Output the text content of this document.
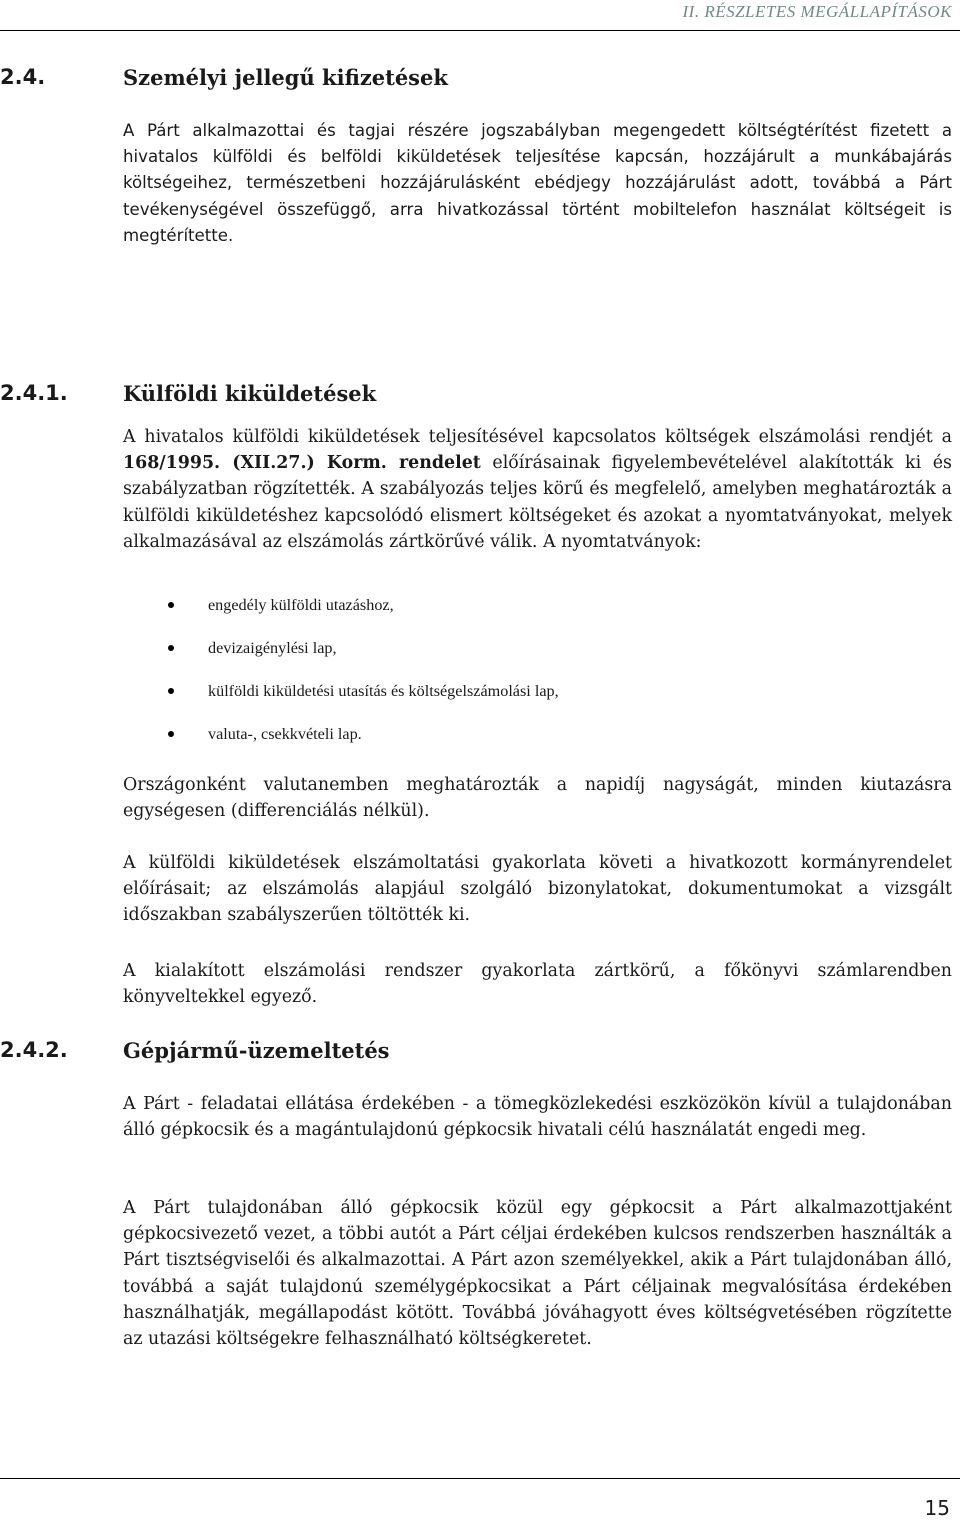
II. RÉSZLETES MEGÁLLAPÍTÁSOK
2.4.	Személyi jellegű kifizetések

A Párt alkalmazottai és tagjai részére jogszabályban megengedett költségtérítést fizetett a hivatalos külföldi és belföldi kiküldetések teljesítése kapcsán, hozzájárult a munkábajárás költségeihez, természetbeni hozzájárulásként ebédjegy hozzájárulást adott, továbbá a Párt tevékenységével összefüggő, arra hivatkozással történt mobiltelefon használat költségeit is megtérítette.

2.4.1.	Külföldi kiküldetések

A hivatalos külföldi kiküldetések teljesítésével kapcsolatos költségek elszámolási rendjét a 168/1995. (XII.27.) Korm. rendelet előírásainak figyelembevételével alakították ki és szabályzatban rögzítették. A szabályozás teljes körű és megfelelő, amelyben meghatározták a külföldi kiküldetéshez kapcsolódó elismert költségeket és azokat a nyomtatványokat, melyek alkalmazásával az elszámolás zártkörűvé válik. A nyomtatványok:

engedély külföldi utazáshoz,
devizaigénylési lap,
külföldi kiküldetési utasítás és költségelszámolási lap,
valuta-, csekkvételi lap.

Országonként valutanemben meghatározták a napidíj nagyságát, minden kiutazásra egységesen (differenciálás nélkül).

A külföldi kiküldetések elszámoltatási gyakorlata követi a hivatkozott kormányrendelet előírásait; az elszámolás alapjául szolgáló bizonylatokat, dokumentumokat a vizsgált időszakban szabályszerűen töltötték ki.

A kialakított elszámolási rendszer gyakorlata zártkörű, a főkönyvi számlarendben könyveltekkel egyező.

2.4.2.	Gépjármű-üzemeltetés

A Párt - feladatai ellátása érdekében - a tömegközlekedési eszközökön kívül a tulajdonában álló gépkocsik és a magántulajdonú gépkocsik hivatali célú használatát engedi meg.

A Párt tulajdonában álló gépkocsik közül egy gépkocsit a Párt alkalmazottjaként gépkocsivezető vezet, a többi autót a Párt céljai érdekében kulcsos rendszerben használták a Párt tisztségviselői és alkalmazottai. A Párt azon személyekkel, akik a Párt tulajdonában álló, továbbá a saját tulajdonú személygépkocsikat a Párt céljainak megvalósítása érdekében használhatják, megállapodást kötött. Továbbá jóváhagyott éves költségvetésében rögzítette az utazási költségekre felhasználható költségkeretet.

15
